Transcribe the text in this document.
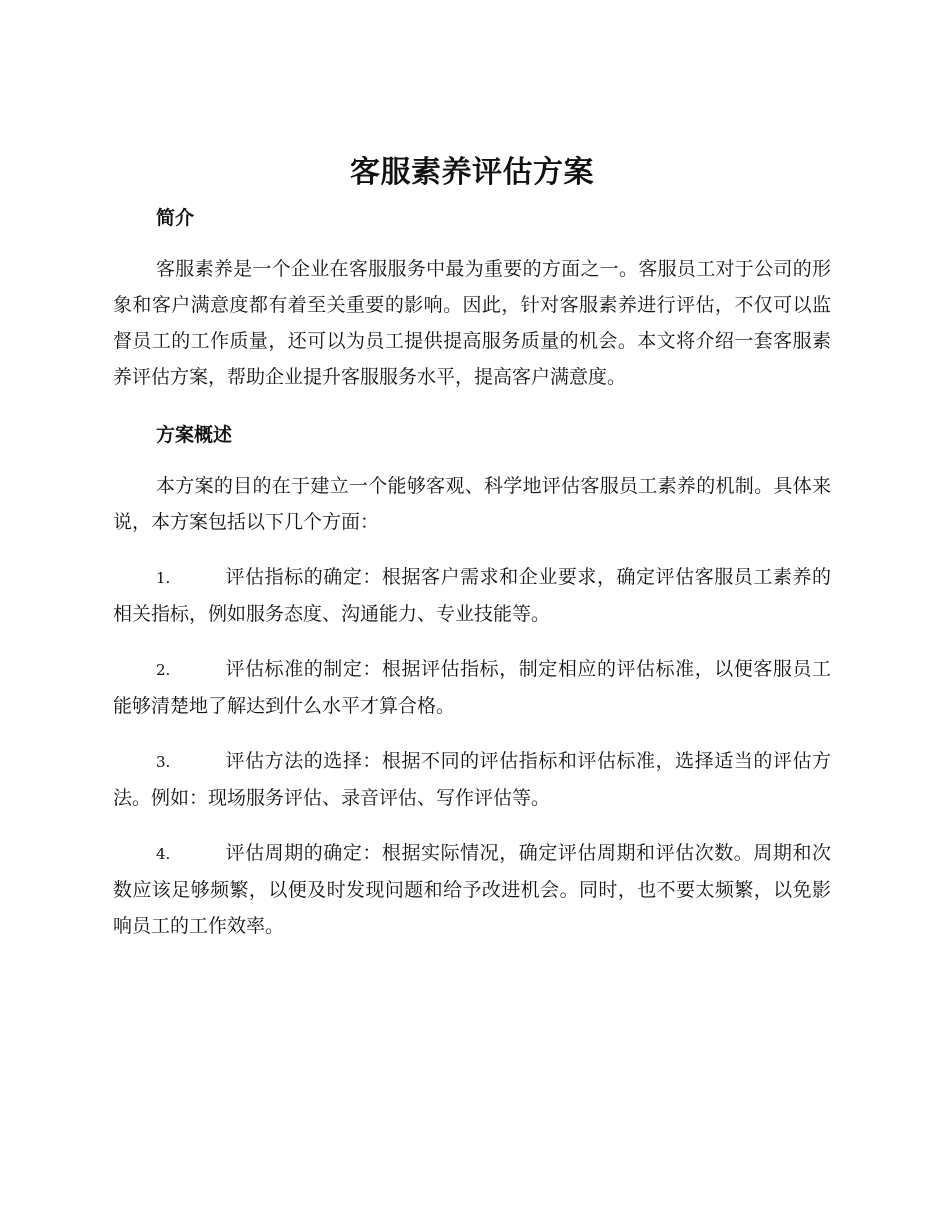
客服素养评估方案
简介

客服素养是一个企业在客服服务中最为重要的方面之一。客服员工对于公司的形象和客户满意度都有着至关重要的影响。因此，针对客服素养进行评估，不仅可以监督员工的工作质量，还可以为员工提供提高服务质量的机会。本文将介绍一套客服素养评估方案，帮助企业提升客服服务水平，提高客户满意度。

方案概述

本方案的目的在于建立一个能够客观、科学地评估客服员工素养的机制。具体来说，本方案包括以下几个方面：

1.	评估指标的确定：根据客户需求和企业要求，确定评估客服员工素养的相关指标，例如服务态度、沟通能力、专业技能等。

2.	评估标准的制定：根据评估指标，制定相应的评估标准，以便客服员工能够清楚地了解达到什么水平才算合格。

3.	评估方法的选择：根据不同的评估指标和评估标准，选择适当的评估方法。例如：现场服务评估、录音评估、写作评估等。

4.	评估周期的确定：根据实际情况，确定评估周期和评估次数。周期和次数应该足够频繁，以便及时发现问题和给予改进机会。同时，也不要太频繁，以免影响员工的工作效率。
